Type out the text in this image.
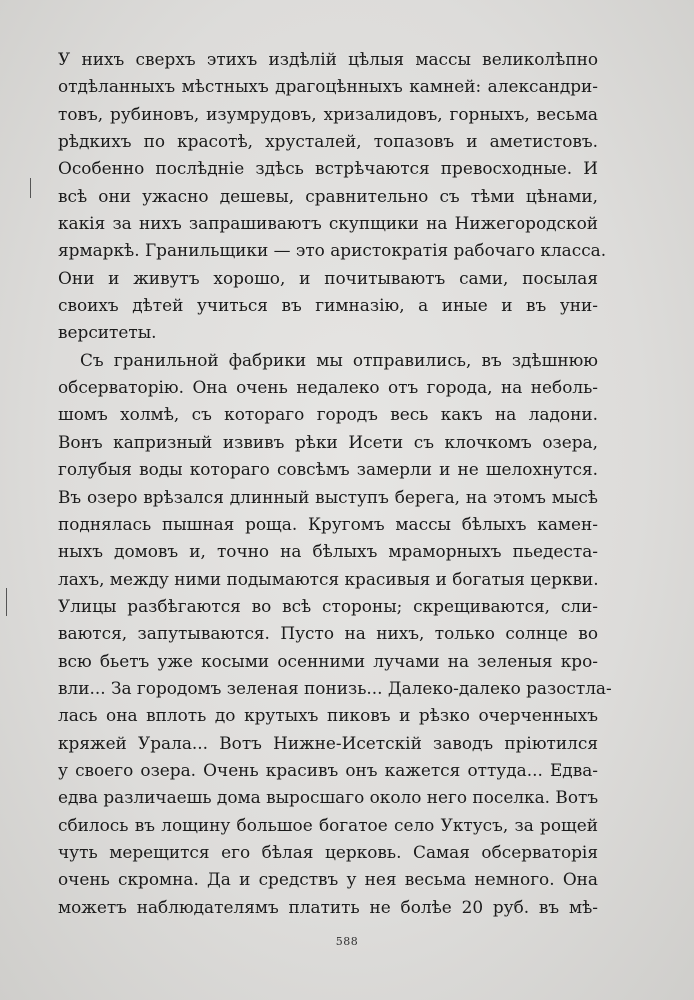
У нихъ сверхъ этихъ издѣлій цѣлыя массы великолѣпно
отдѣланныхъ мѣстныхъ драгоцѣнныхъ камней: александри-
товъ, рубиновъ, изумрудовъ, хризалидовъ, горныхъ, весьма
рѣдкихъ по красотѣ, хрусталей, топазовъ и аметистовъ.
Особенно послѣдніе здѣсь встрѣчаются превосходные. И
всѣ они ужасно дешевы, сравнительно съ тѣми цѣнами,
какія за нихъ запрашиваютъ скупщики на Нижегородской
ярмаркѣ. Гранильщики — это аристократія рабочаго класса.
Они и живутъ хорошо, и почитываютъ сами, посылая
своихъ дѣтей учиться въ гимназію, а иные и въ уни-
верситеты.
Съ гранильной фабрики мы отправились, въ здѣшнюю
обсерваторію. Она очень недалеко отъ города, на неболь-
шомъ холмѣ, съ котораго городъ весь какъ на ладони.
Вонъ капризный извивъ рѣки Исети съ клочкомъ озера,
голубыя воды котораго совсѣмъ замерли и не шелохнутся.
Въ озеро врѣзался длинный выступъ берега, на этомъ мысѣ
поднялась пышная роща. Кругомъ массы бѣлыхъ камен-
ныхъ домовъ и, точно на бѣлыхъ мраморныхъ пьедеста-
лахъ, между ними подымаются красивыя и богатыя церкви.
Улицы разбѣгаются во всѣ стороны; скрещиваются, сли-
ваются, запутываются. Пусто на нихъ, только солнце во
всю бьетъ уже косыми осенними лучами на зеленыя кро-
вли... За городомъ зеленая понизь... Далеко-далеко разостла-
лась она вплоть до крутыхъ пиковъ и рѣзко очерченныхъ
кряжей Урала... Вотъ Нижне-Исетскій заводъ пріютился
у своего озера. Очень красивъ онъ кажется оттуда... Едва-
едва различаешь дома выросшаго около него поселка. Вотъ
сбилось въ лощину большое богатое село Уктусъ, за рощей
чуть мерещится его бѣлая церковь. Самая обсерваторія
очень скромна. Да и средствъ у нея весьма немного. Она
можетъ наблюдателямъ платить не болѣе 20 руб. въ мѣ-
588
